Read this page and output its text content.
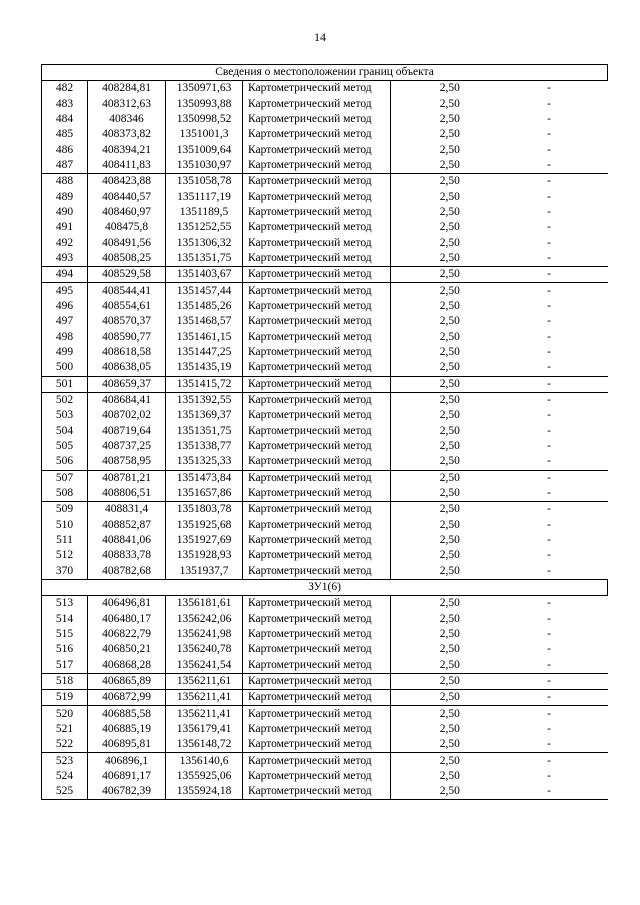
14
Сведения о местоположении границ объекта					
482	408284,81	1350971,63	Картометрический метод	2,50	-
483	408312,63	1350993,88	Картометрический метод	2,50	-
484	408346	1350998,52	Картометрический метод	2,50	-
485	408373,82	1351001,3	Картометрический метод	2,50	-
486	408394,21	1351009,64	Картометрический метод	2,50	-
487	408411,83	1351030,97	Картометрический метод	2,50	-
488	408423,88	1351058,78	Картометрический метод	2,50	-
489	408440,57	1351117,19	Картометрический метод	2,50	-
490	408460,97	1351189,5	Картометрический метод	2,50	-
491	408475,8	1351252,55	Картометрический метод	2,50	-
492	408491,56	1351306,32	Картометрический метод	2,50	-
493	408508,25	1351351,75	Картометрический метод	2,50	-
494	408529,58	1351403,67	Картометрический метод	2,50	-
495	408544,41	1351457,44	Картометрический метод	2,50	-
496	408554,61	1351485,26	Картометрический метод	2,50	-
497	408570,37	1351468,57	Картометрический метод	2,50	-
498	408590,77	1351461,15	Картометрический метод	2,50	-
499	408618,58	1351447,25	Картометрический метод	2,50	-
500	408638,05	1351435,19	Картометрический метод	2,50	-
501	408659,37	1351415,72	Картометрический метод	2,50	-
502	408684,41	1351392,55	Картометрический метод	2,50	-
503	408702,02	1351369,37	Картометрический метод	2,50	-
504	408719,64	1351351,75	Картометрический метод	2,50	-
505	408737,25	1351338,77	Картометрический метод	2,50	-
506	408758,95	1351325,33	Картометрический метод	2,50	-
507	408781,21	1351473,84	Картометрический метод	2,50	-
508	408806,51	1351657,86	Картометрический метод	2,50	-
509	408831,4	1351803,78	Картометрический метод	2,50	-
510	408852,87	1351925,68	Картометрический метод	2,50	-
511	408841,06	1351927,69	Картометрический метод	2,50	-
512	408833,78	1351928,93	Картометрический метод	2,50	-
370	408782,68	1351937,7	Картометрический метод	2,50	-
ЗУ1(6)					
513	406496,81	1356181,61	Картометрический метод	2,50	-
514	406480,17	1356242,06	Картометрический метод	2,50	-
515	406822,79	1356241,98	Картометрический метод	2,50	-
516	406850,21	1356240,78	Картометрический метод	2,50	-
517	406868,28	1356241,54	Картометрический метод	2,50	-
518	406865,89	1356211,61	Картометрический метод	2,50	-
519	406872,99	1356211,41	Картометрический метод	2,50	-
520	406885,58	1356211,41	Картометрический метод	2,50	-
521	406885,19	1356179,41	Картометрический метод	2,50	-
522	406895,81	1356148,72	Картометрический метод	2,50	-
523	406896,1	1356140,6	Картометрический метод	2,50	-
524	406891,17	1355925,06	Картометрический метод	2,50	-
525	406782,39	1355924,18	Картометрический метод	2,50	-
